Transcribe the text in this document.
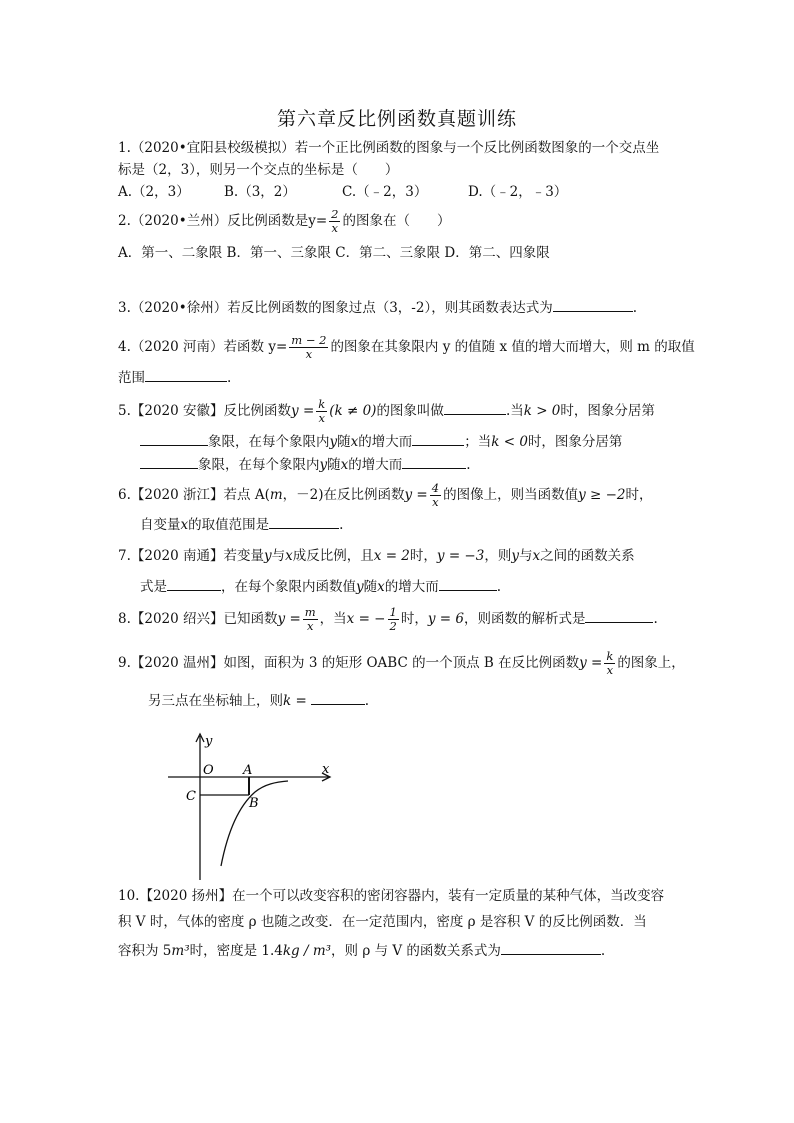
第六章反比例函数真题训练
1.（2020•宜阳县校级模拟）若一个正比例函数的图象与一个反比例函数图象的一个交点坐
标是（2，3），则另一个交点的坐标是（　　）
A.（2，3）	B.（3，2）	C.（﹣2，3）	D.（﹣2，﹣3）
2.（2020•兰州）反比例函数是$y= \frac{2}{x}$ 的图象在（　　）
A．第一、二象限 B．第一、三象限 C．第二、三象限 D．第二、四象限
3.（2020•徐州）若反比例函数的图象过点（3，-2），则其函数表达式为	.
4.（2020 河南）若函数 $y= \frac{m - 2}{x}$ 的图象在其象限内 y 的值随 x 值的增大而增大，则 m 的取值
范围	.
5.【2020 安徽】反比例函数$y = \frac{k}{x} (k \ne 0)$的图象叫做	.当k > 0时，图象分居第
象限，在每个象限内y随x的增大而	；当k < 0时，图象分居第
象限，在每个象限内y随x的增大而	.
6.【2020 浙江】若点 A(m，－2)在反比例函数$y = \frac{4}{x}$ 的图像上，则当函数值y ≥ −2时，
自变量x的取值范围是	.
7.【2020 南通】若变量y与x成反比例，且x = 2时，y = −3，则y与x之间的函数关系
式是	，在每个象限内函数值y随x的增大而	.
8.【2020 绍兴】已知函数$y = \frac{m}{x}$ ，当x = − $\frac{1}{2}$ 时，y = 6，则函数的解析式是	.
9.【2020 温州】如图，面积为 3 的矩形 OABC 的一个顶点 B 在反比例函数$y = \frac{k}{x}$ 的图象上，
另三点在坐标轴上，则k =	.
y
x
O A
C	B
10.【2020 扬州】在一个可以改变容积的密闭容器内，装有一定质量的某种气体，当改变容
积 V 时，气体的密度 ρ 也随之改变．在一定范围内，密度 ρ 是容积 V 的反比例函数．当
容积为 5m³时，密度是 1.4kg / m³，则 ρ 与 V 的函数关系式为	.
